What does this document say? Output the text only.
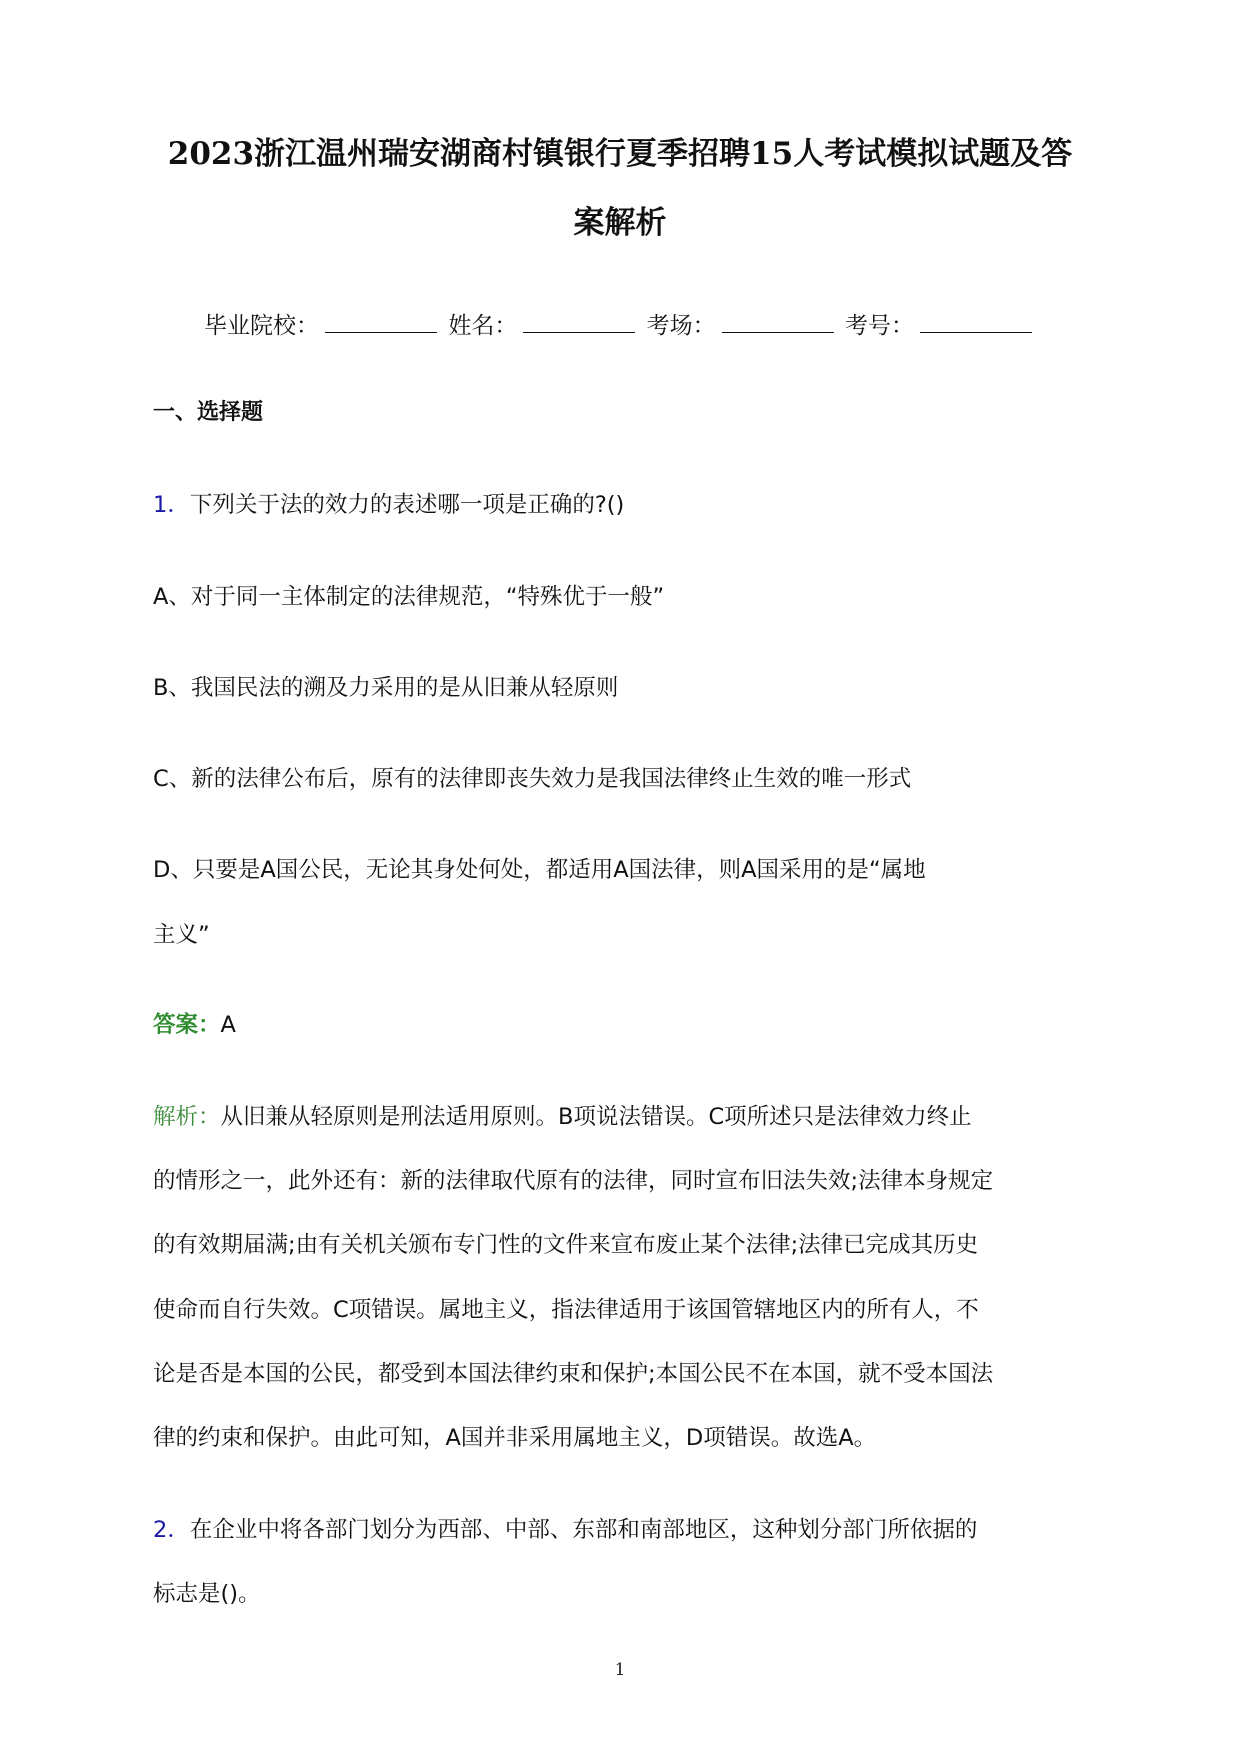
2023浙江温州瑞安湖商村镇银行夏季招聘15人考试模拟试题及答
案解析
毕业院校：	姓名：	考场：	考号：
一、选择题
1．下列关于法的效力的表述哪一项是正确的?()
A、对于同一主体制定的法律规范，“特殊优于一般”
B、我国民法的溯及力采用的是从旧兼从轻原则
C、新的法律公布后，原有的法律即丧失效力是我国法律终止生效的唯一形式
D、只要是A国公民，无论其身处何处，都适用A国法律，则A国采用的是“属地
主义”
答案：A
解析：从旧兼从轻原则是刑法适用原则。B项说法错误。C项所述只是法律效力终止
的情形之一，此外还有：新的法律取代原有的法律，同时宣布旧法失效;法律本身规定
的有效期届满;由有关机关颁布专门性的文件来宣布废止某个法律;法律已完成其历史
使命而自行失效。C项错误。属地主义，指法律适用于该国管辖地区内的所有人，不
论是否是本国的公民，都受到本国法律约束和保护;本国公民不在本国，就不受本国法
律的约束和保护。由此可知，A国并非采用属地主义，D项错误。故选A。
2．在企业中将各部门划分为西部、中部、东部和南部地区，这种划分部门所依据的
标志是()。
1
